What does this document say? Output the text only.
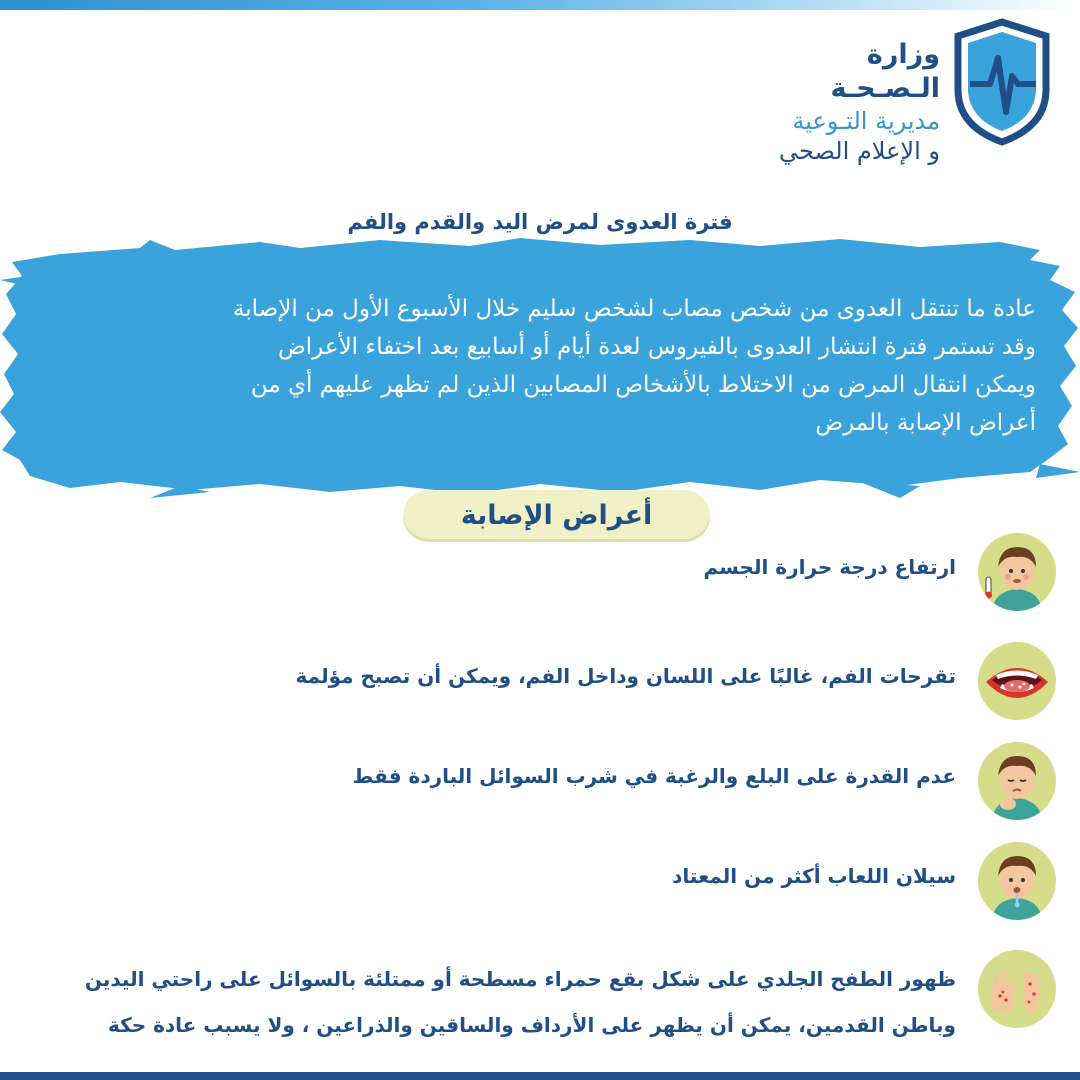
وزارة الـصـحـة
مديرية التـوعية
و الإعلام الصحي
فترة العدوى لمرض اليد والقدم والفم
عادة ما تنتقل العدوى من شخص مصاب لشخص سليم خلال الأسبوع الأول من الإصابة
وقد تستمر فترة انتشار العدوى بالفيروس لعدة أيام أو أسابيع بعد اختفاء الأعراض
ويمكن انتقال المرض من الاختلاط بالأشخاص المصابين الذين لم تظهر عليهم أي من
أعراض الإصابة بالمرض
أعراض الإصابة
ارتفاع درجة حرارة الجسم
تقرحات الفم، غالبًا على اللسان وداخل الفم، ويمكن أن تصبح مؤلمة
عدم القدرة على البلع والرغبة في شرب السوائل الباردة فقط
سيلان اللعاب أكثر من المعتاد
ظهور الطفح الجلدي على شكل بقع حمراء مسطحة أو ممتلئة بالسوائل على راحتي اليدين
وباطن القدمين، يمكن أن يظهر على الأرداف والساقين والذراعين ، ولا يسبب عادة حكة
